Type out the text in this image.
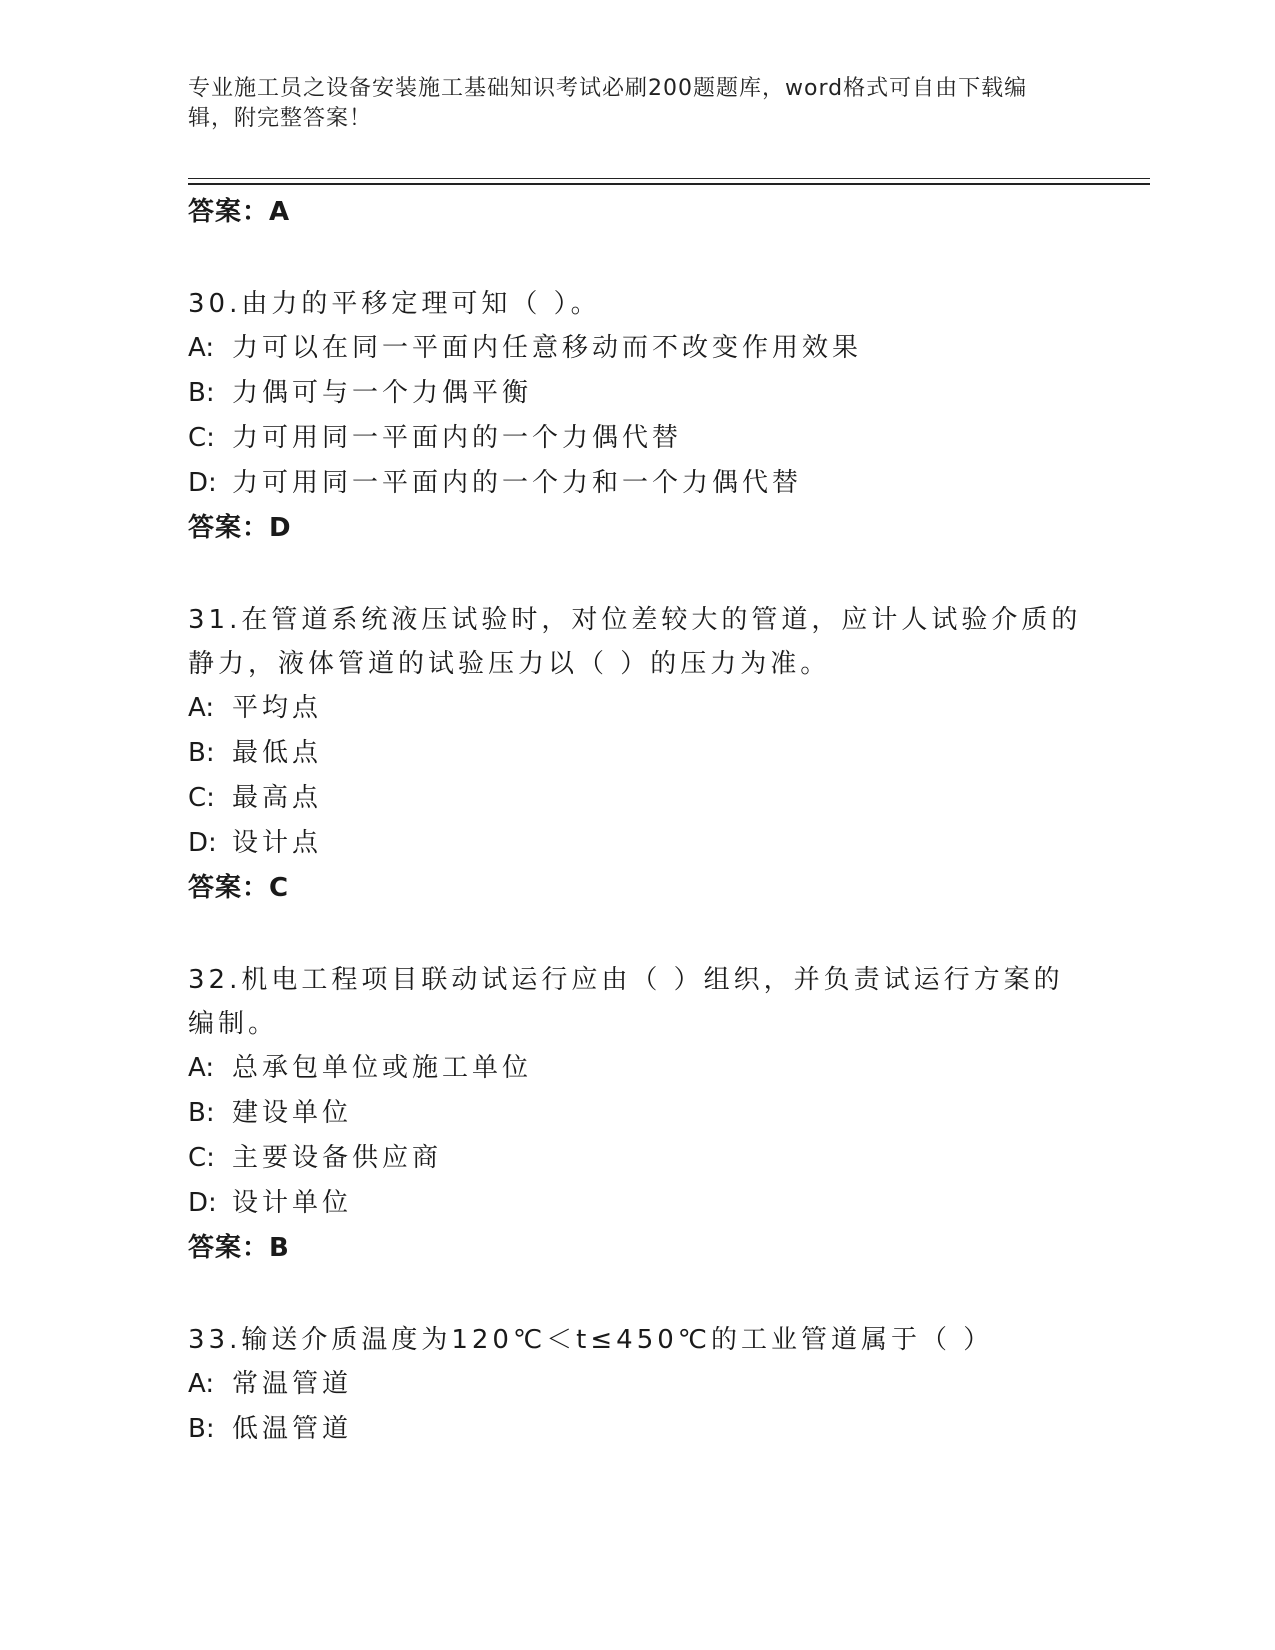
专业施工员之设备安装施工基础知识考试必刷200题题库，word格式可自由下载编辑，附完整答案！

答案：A

30.由力的平移定理可知（ ）。

A: 力可以在同一平面内任意移动而不改变作用效果

B: 力偶可与一个力偶平衡

C: 力可用同一平面内的一个力偶代替

D: 力可用同一平面内的一个力和一个力偶代替

答案：D

31.在管道系统液压试验时，对位差较大的管道，应计人试验介质的静力，液体管道的试验压力以（ ）的压力为准。

A: 平均点

B: 最低点

C: 最高点

D: 设计点

答案：C

32.机电工程项目联动试运行应由（ ）组织，并负责试运行方案的编制。

A: 总承包单位或施工单位

B: 建设单位

C: 主要设备供应商

D: 设计单位

答案：B

33.输送介质温度为120℃＜t≤450℃的工业管道属于（ ）

A: 常温管道

B: 低温管道
